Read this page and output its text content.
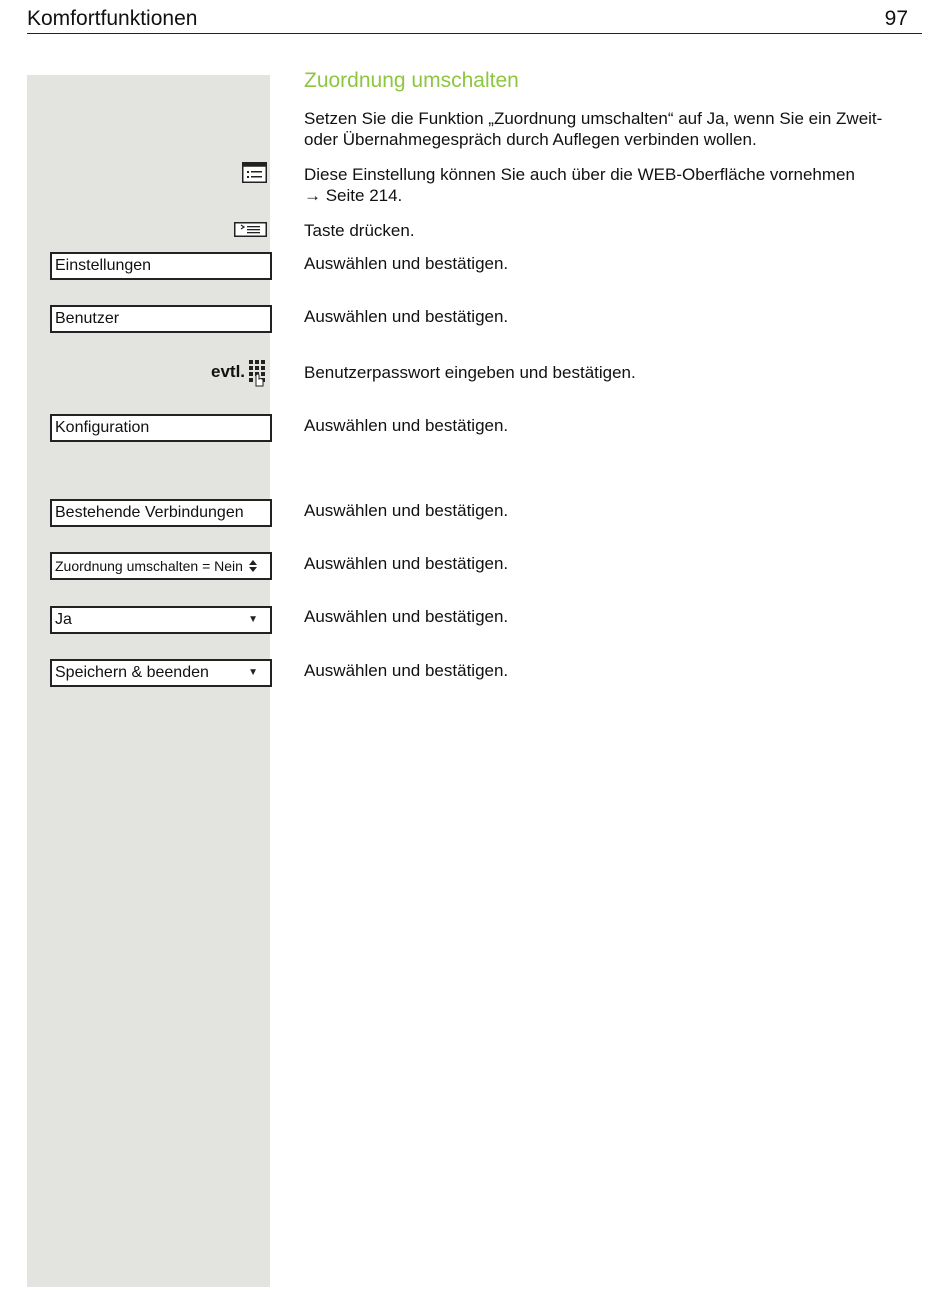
Komfortfunktionen	97
Zuordnung umschalten
Setzen Sie die Funktion „Zuordnung umschalten“ auf Ja, wenn Sie ein Zweit-
oder Übernahmegespräch durch Auflegen verbinden wollen.
Diese Einstellung können Sie auch über die WEB-Oberfläche vornehmen
→ Seite 214.
Taste drücken.
Einstellungen	Auswählen und bestätigen.
Benutzer	Auswählen und bestätigen.
evtl.	Benutzerpasswort eingeben und bestätigen.
Konfiguration	Auswählen und bestätigen.
Bestehende Verbindungen	Auswählen und bestätigen.
Zuordnung umschalten = Nein	Auswählen und bestätigen.
Ja	▼	Auswählen und bestätigen.
Speichern & beenden	▼	Auswählen und bestätigen.
